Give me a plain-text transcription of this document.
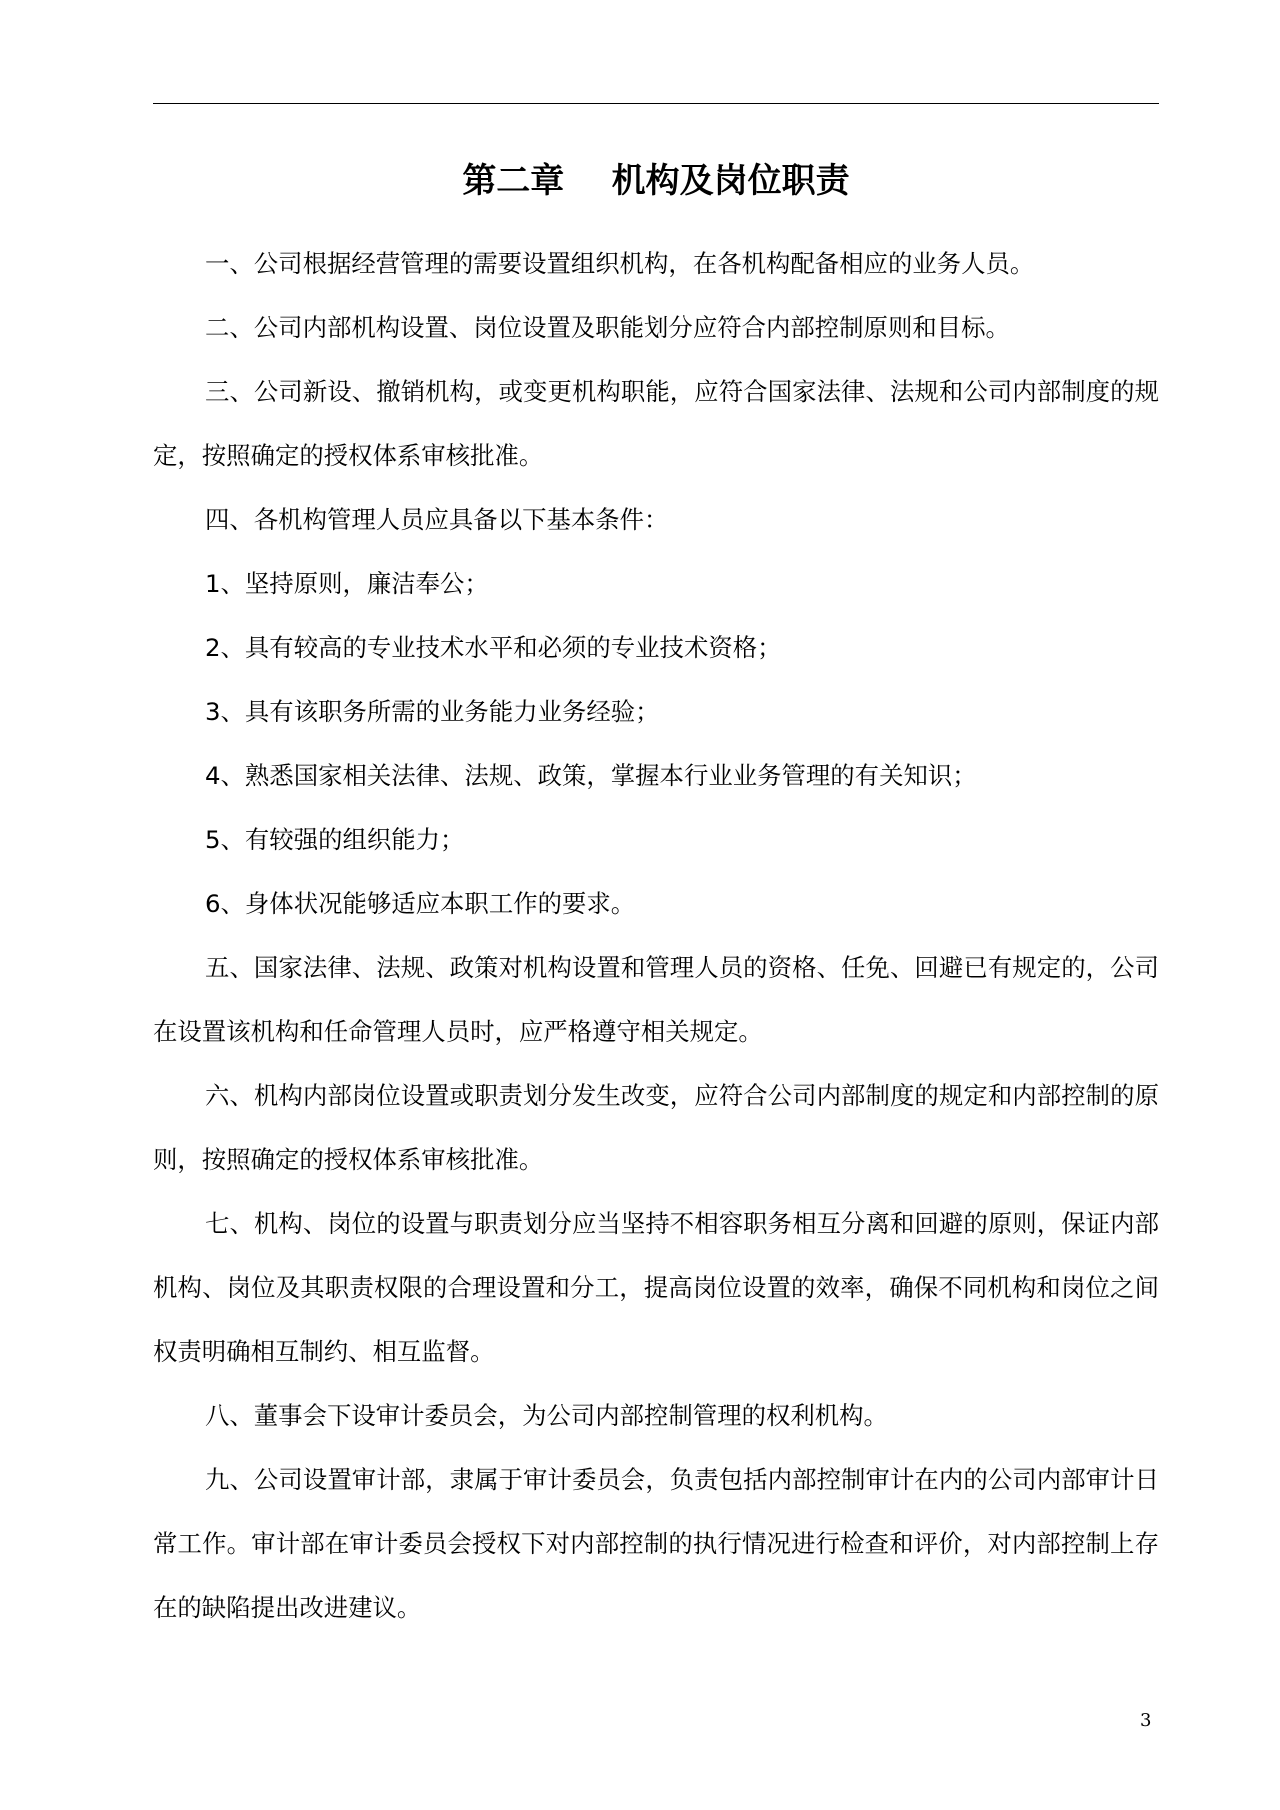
第二章    机构及岗位职责

一、公司根据经营管理的需要设置组织机构，在各机构配备相应的业务人员。

二、公司内部机构设置、岗位设置及职能划分应符合内部控制原则和目标。

三、公司新设、撤销机构，或变更机构职能，应符合国家法律、法规和公司内部制度的规定，按照确定的授权体系审核批准。

四、各机构管理人员应具备以下基本条件：

1、坚持原则，廉洁奉公；

2、具有较高的专业技术水平和必须的专业技术资格；

3、具有该职务所需的业务能力业务经验；

4、熟悉国家相关法律、法规、政策，掌握本行业业务管理的有关知识；

5、有较强的组织能力；

6、身体状况能够适应本职工作的要求。

五、国家法律、法规、政策对机构设置和管理人员的资格、任免、回避已有规定的，公司在设置该机构和任命管理人员时，应严格遵守相关规定。

六、机构内部岗位设置或职责划分发生改变，应符合公司内部制度的规定和内部控制的原则，按照确定的授权体系审核批准。

七、机构、岗位的设置与职责划分应当坚持不相容职务相互分离和回避的原则，保证内部机构、岗位及其职责权限的合理设置和分工，提高岗位设置的效率，确保不同机构和岗位之间权责明确相互制约、相互监督。

八、董事会下设审计委员会，为公司内部控制管理的权利机构。

九、公司设置审计部，隶属于审计委员会，负责包括内部控制审计在内的公司内部审计日常工作。审计部在审计委员会授权下对内部控制的执行情况进行检查和评价，对内部控制上存在的缺陷提出改进建议。

3
